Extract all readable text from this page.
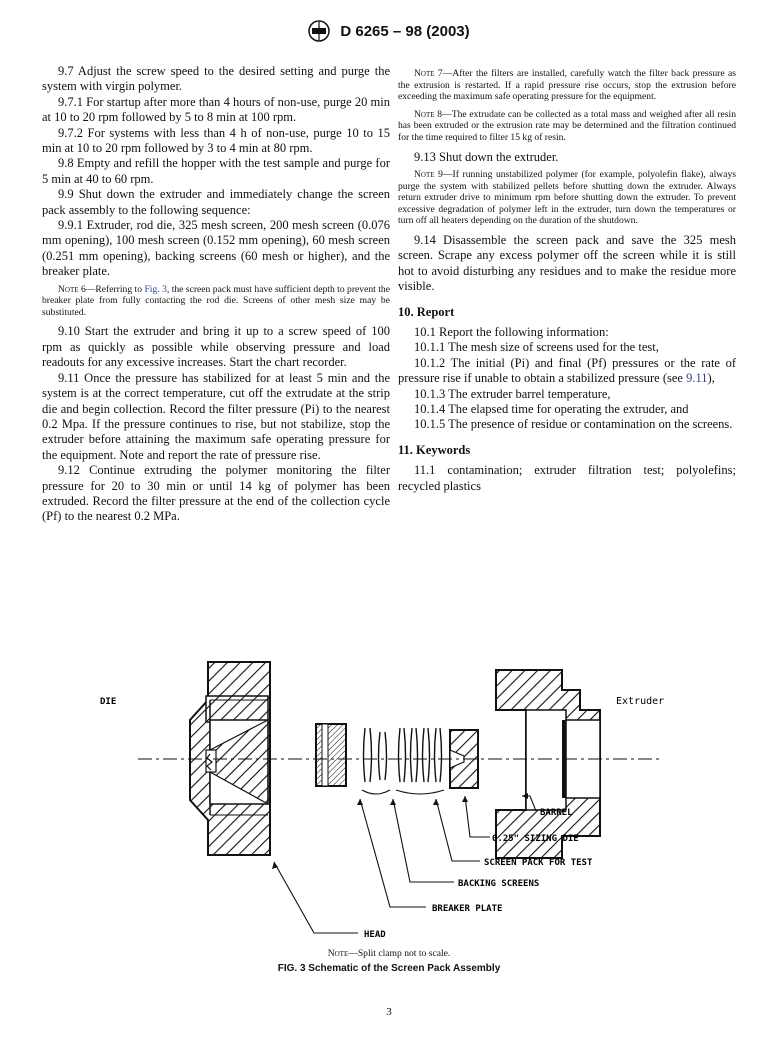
D 6265 – 98 (2003)

9.7 Adjust the screw speed to the desired setting and purge the system with virgin polymer.

9.7.1 For startup after more than 4 hours of non-use, purge 20 min at 10 to 20 rpm followed by 5 to 8 min at 100 rpm.

9.7.2 For systems with less than 4 h of non-use, purge 10 to 15 min at 10 to 20 rpm followed by 3 to 4 min at 80 rpm.

9.8 Empty and refill the hopper with the test sample and purge for 5 min at 40 to 60 rpm.

9.9 Shut down the extruder and immediately change the screen pack assembly to the following sequence:

9.9.1 Extruder, rod die, 325 mesh screen, 200 mesh screen (0.076 mm opening), 100 mesh screen (0.152 mm opening), 60 mesh screen (0.251 mm opening), backing screens (60 mesh or higher), and the breaker plate.

Note 6—Referring to Fig. 3, the screen pack must have sufficient depth to prevent the breaker plate from fully contacting the rod die. Screens of other mesh size may be substituted.

9.10 Start the extruder and bring it up to a screw speed of 100 rpm as quickly as possible while observing pressure and load readouts for any excessive increases. Start the chart recorder.

9.11 Once the pressure has stabilized for at least 5 min and the system is at the correct temperature, cut off the extrudate at the strip die and begin collection. Record the filter pressure (Pi) to the nearest 0.2 Mpa. If the pressure continues to rise, but not stabilize, stop the extruder before attaining the maximum safe operating pressure for the equipment. Note and report the rate of pressure rise.

9.12 Continue extruding the polymer monitoring the filter pressure for 20 to 30 min or until 14 kg of polymer has been extruded. Record the filter pressure at the end of the collection cycle (Pf) to the nearest 0.2 MPa.

Note 7—After the filters are installed, carefully watch the filter back pressure as the extrusion is restarted. If a rapid pressure rise occurs, stop the extrusion before exceeding the maximum safe operating pressure for the equipment.

Note 8—The extrudate can be collected as a total mass and weighed after all resin has been extruded or the extrusion rate may be determined and the filtration continued for the time required to filter 15 kg of resin.

9.13 Shut down the extruder.

Note 9—If running unstabilized polymer (for example, polyolefin flake), always purge the system with stabilized pellets before shutting down the extruder. Always return extruder drive to minimum rpm before shutting down the extruder. To prevent excessive degradation of polymer left in the extruder, turn down the temperatures or turn off all heaters depending on the duration of the shutdown.

9.14 Disassemble the screen pack and save the 325 mesh screen. Scrape any excess polymer off the screen while it is still hot to avoid disturbing any residues and to make the residue more visible.

10. Report

10.1 Report the following information:

10.1.1 The mesh size of screens used for the test,

10.1.2 The initial (Pi) and final (Pf) pressures or the rate of pressure rise if unable to obtain a stabilized pressure (see 9.11),

10.1.3 The extruder barrel temperature,

10.1.4 The elapsed time for operating the extruder, and

10.1.5 The presence of residue or contamination on the screens.

11. Keywords

11.1 contamination; extruder filtration test; polyolefins; recycled plastics

DIE	Extruder
BARREL
0.25" SIZING DIE
SCREEN PACK FOR TEST
BACKING SCREENS
BREAKER PLATE
HEAD
Note—Split clamp not to scale.
FIG. 3 Schematic of the Screen Pack Assembly
3
